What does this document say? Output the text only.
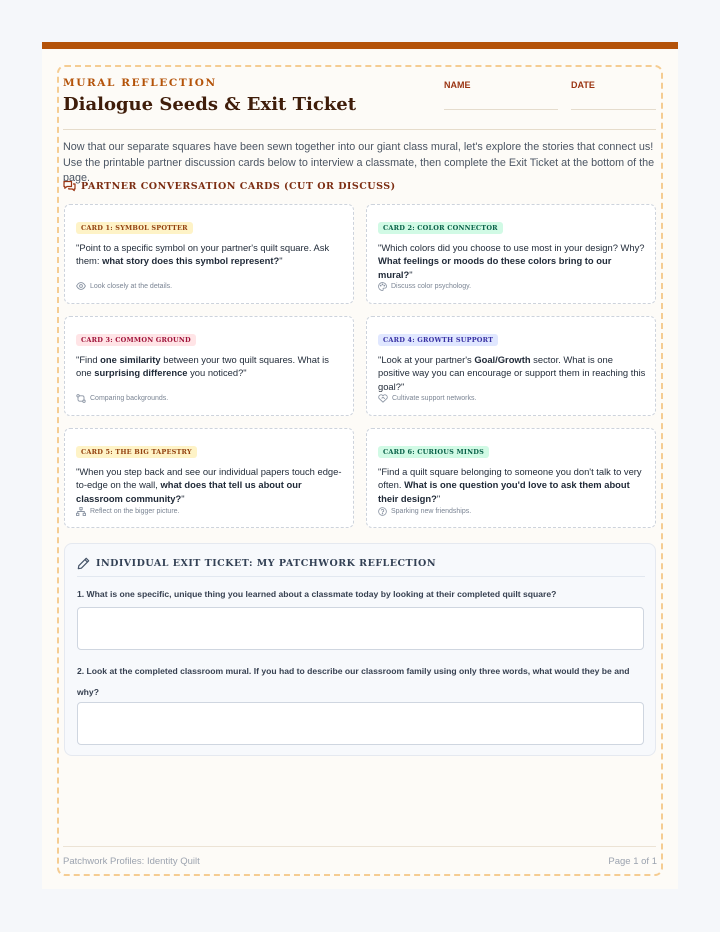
MURAL REFLECTION
Dialogue Seeds & Exit Ticket
NAME	DATE

Now that our separate squares have been sewn together into our giant class mural, let's explore the stories that connect us! Use the printable partner discussion cards below to interview a classmate, then complete the Exit Ticket at the bottom of the page.

PARTNER CONVERSATION CARDS (CUT OR DISCUSS)
CARD 1: SYMBOL SPOTTER

"Point to a specific symbol on your partner's quilt square. Ask them: what story does this symbol represent?"

Look closely at the details.
CARD 2: COLOR CONNECTOR

"Which colors did you choose to use most in your design? Why? What feelings or moods do these colors bring to our mural?"

Discuss color psychology.
CARD 3: COMMON GROUND

"Find one similarity between your two quilt squares. What is one surprising difference you noticed?"

Comparing backgrounds.
CARD 4: GROWTH SUPPORT

"Look at your partner's Goal/Growth sector. What is one positive way you can encourage or support them in reaching this goal?"

Cultivate support networks.
CARD 5: THE BIG TAPESTRY

"When you step back and see our individual papers touch edge-to-edge on the wall, what does that tell us about our classroom community?"

Reflect on the bigger picture.
CARD 6: CURIOUS MINDS

"Find a quilt square belonging to someone you don't talk to very often. What is one question you'd love to ask them about their design?"

Sparking new friendships.
INDIVIDUAL EXIT TICKET: MY PATCHWORK REFLECTION
1. What is one specific, unique thing you learned about a classmate today by looking at their completed quilt square?
2. Look at the completed classroom mural. If you had to describe our classroom family using only three words, what would they be and why?
Patchwork Profiles: Identity Quilt	Page 1 of 1
